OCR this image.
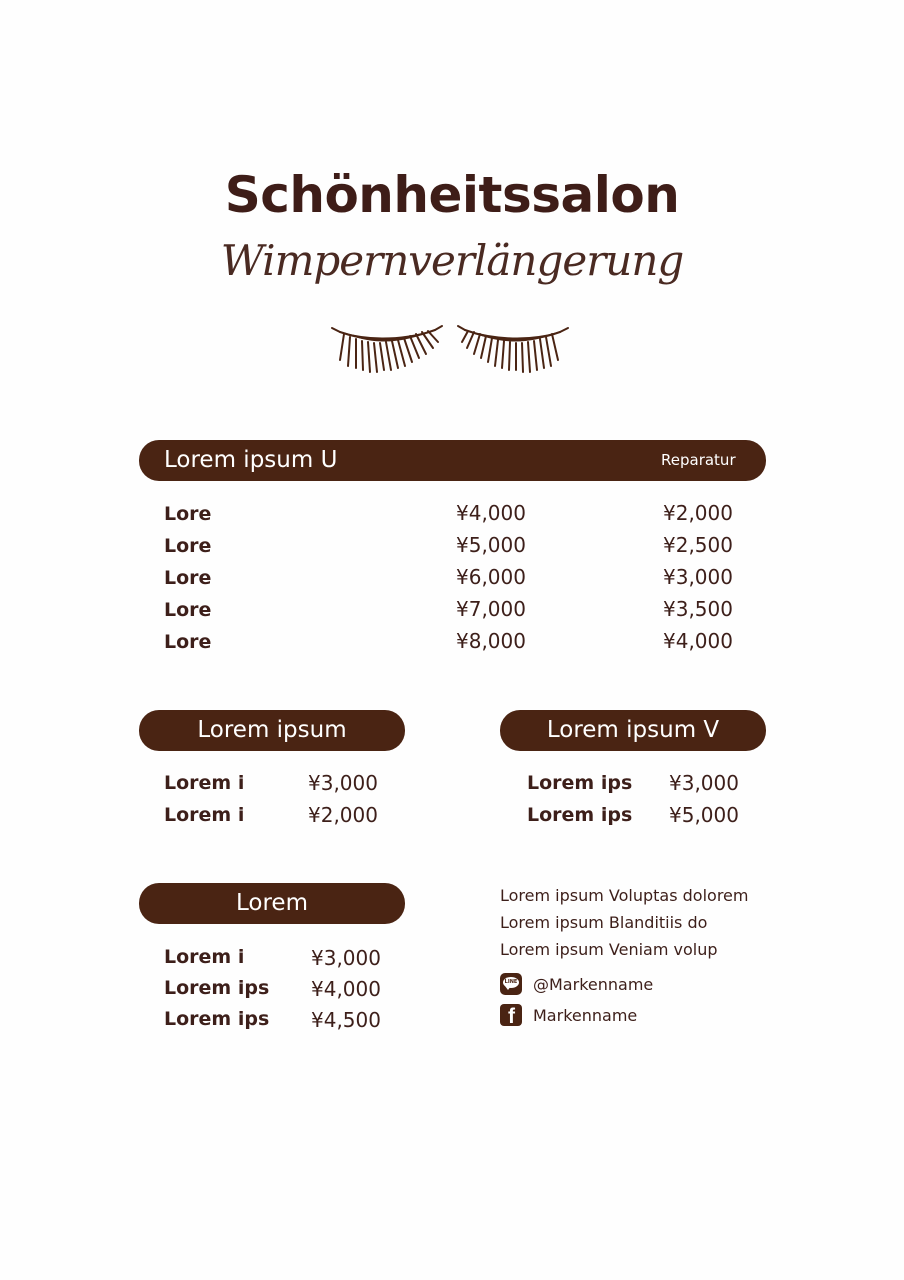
Schönheitssalon
Wimpernverlängerung
Lorem ipsum U	Reparatur
Lore	¥4,000	¥2,000
Lore	¥5,000	¥2,500
Lore	¥6,000	¥3,000
Lore	¥7,000	¥3,500
Lore	¥8,000	¥4,000
Lorem ipsum
Lorem i	¥3,000
Lorem i	¥2,000
Lorem ipsum V
Lorem ips ¥3,000
Lorem ips ¥5,000
Lorem
Lorem i	¥3,000
Lorem ips ¥4,000
Lorem ips ¥4,500
Lorem ipsum Voluptas dolorem
Lorem ipsum Blanditiis do
Lorem ipsum Veniam volup
LINE @Markenname
f Markenname
